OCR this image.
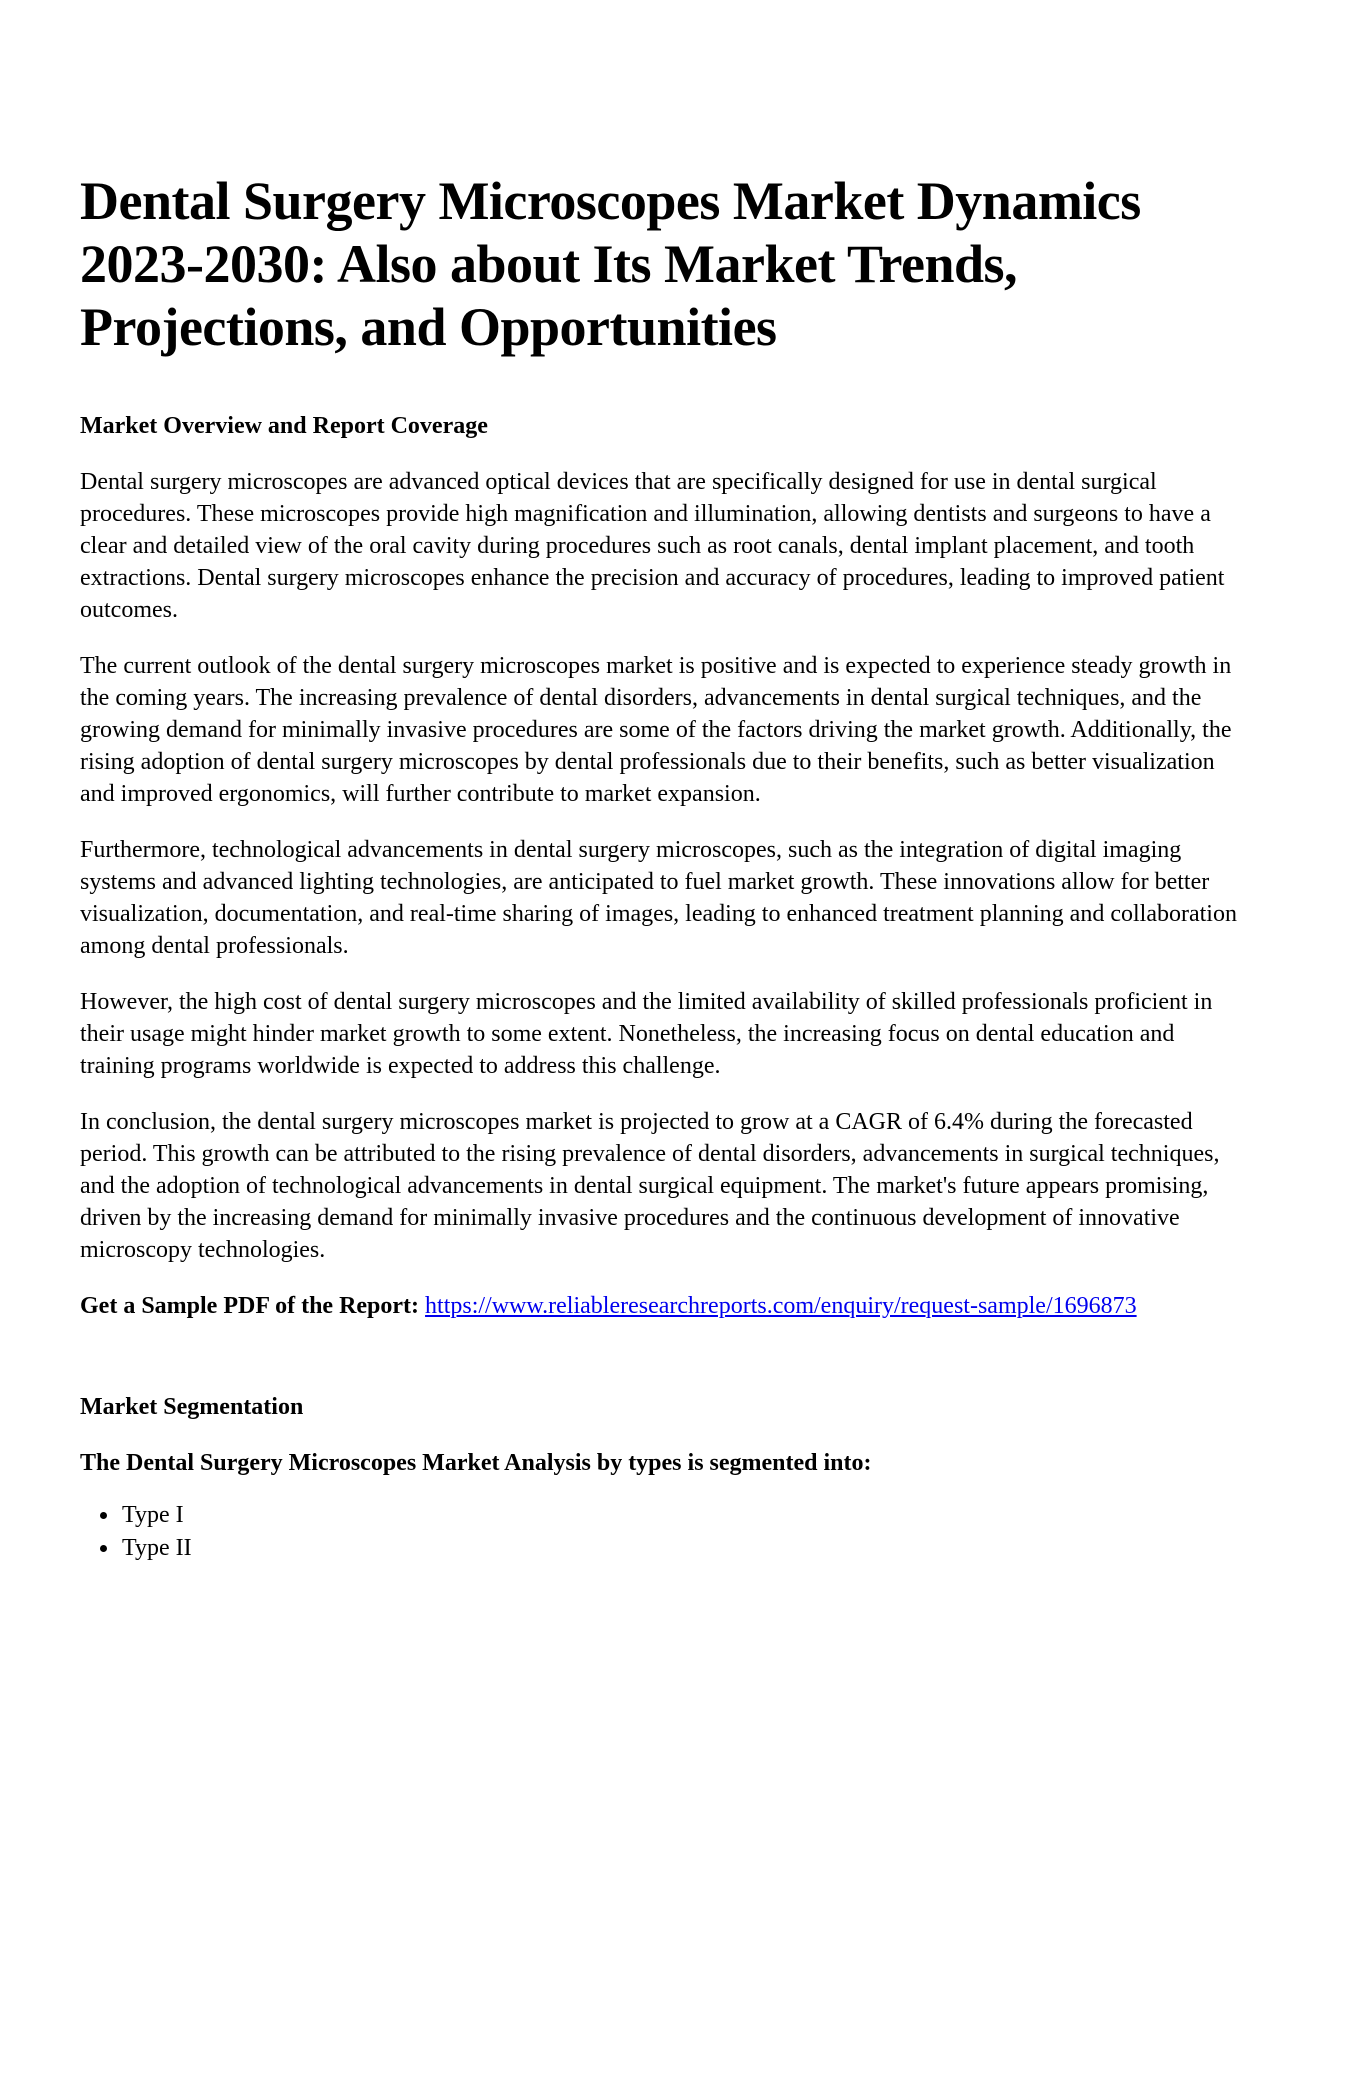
Dental Surgery Microscopes Market Dynamics 2023-2030: Also about Its Market Trends, Projections, and Opportunities
Market Overview and Report Coverage

Dental surgery microscopes are advanced optical devices that are specifically designed for use in dental surgical procedures. These microscopes provide high magnification and illumination, allowing dentists and surgeons to have a clear and detailed view of the oral cavity during procedures such as root canals, dental implant placement, and tooth extractions. Dental surgery microscopes enhance the precision and accuracy of procedures, leading to improved patient outcomes.

The current outlook of the dental surgery microscopes market is positive and is expected to experience steady growth in the coming years. The increasing prevalence of dental disorders, advancements in dental surgical techniques, and the growing demand for minimally invasive procedures are some of the factors driving the market growth. Additionally, the rising adoption of dental surgery microscopes by dental professionals due to their benefits, such as better visualization and improved ergonomics, will further contribute to market expansion.

Furthermore, technological advancements in dental surgery microscopes, such as the integration of digital imaging systems and advanced lighting technologies, are anticipated to fuel market growth. These innovations allow for better visualization, documentation, and real-time sharing of images, leading to enhanced treatment planning and collaboration among dental professionals.

However, the high cost of dental surgery microscopes and the limited availability of skilled professionals proficient in their usage might hinder market growth to some extent. Nonetheless, the increasing focus on dental education and training programs worldwide is expected to address this challenge.

In conclusion, the dental surgery microscopes market is projected to grow at a CAGR of 6.4% during the forecasted period. This growth can be attributed to the rising prevalence of dental disorders, advancements in surgical techniques, and the adoption of technological advancements in dental surgical equipment. The market's future appears promising, driven by the increasing demand for minimally invasive procedures and the continuous development of innovative microscopy technologies.

Get a Sample PDF of the Report: https://www.reliableresearchreports.com/enquiry/request-sample/1696873

Market Segmentation

The Dental Surgery Microscopes Market Analysis by types is segmented into:

• Type I
• Type II
